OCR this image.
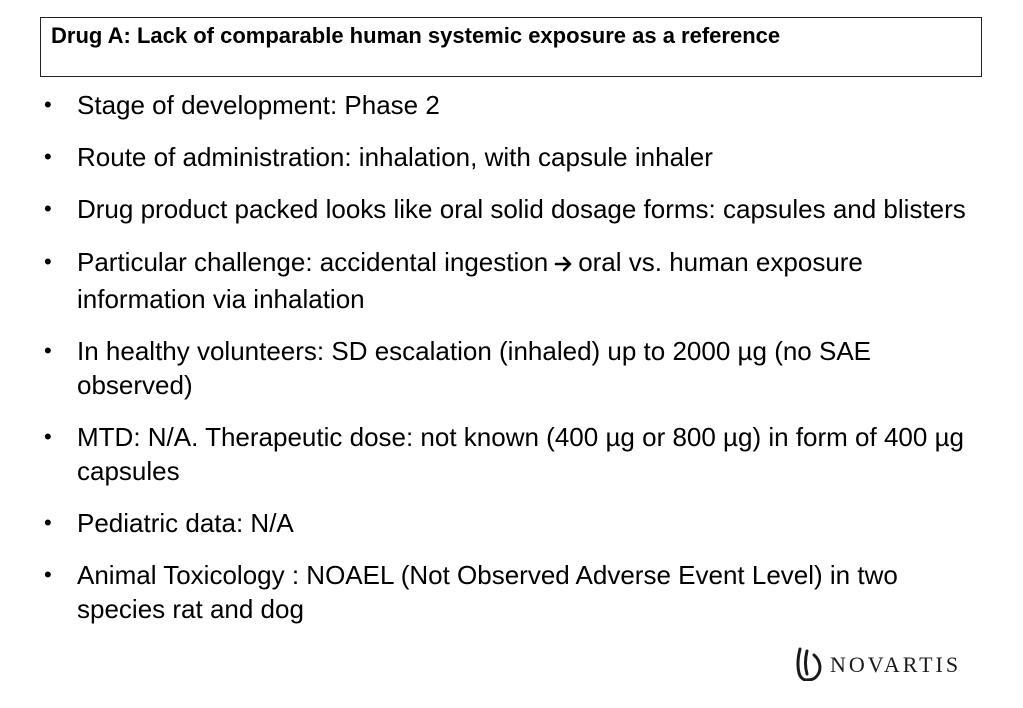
Drug A: Lack of comparable human systemic exposure as a reference

• Stage of development: Phase 2
• Route of administration: inhalation, with capsule inhaler
• Drug product packed looks like oral solid dosage forms: capsules and blisters
• Particular challenge: accidental ingestion oral vs. human exposure information via inhalation
• In healthy volunteers: SD escalation (inhaled) up to 2000 µg (no SAE observed)
• MTD: N/A. Therapeutic dose: not known (400 µg or 800 µg) in form of 400 µg capsules
• Pediatric data: N/A
• Animal Toxicology : NOAEL (Not Observed Adverse Event Level) in two species rat and dog
NOVARTIS
